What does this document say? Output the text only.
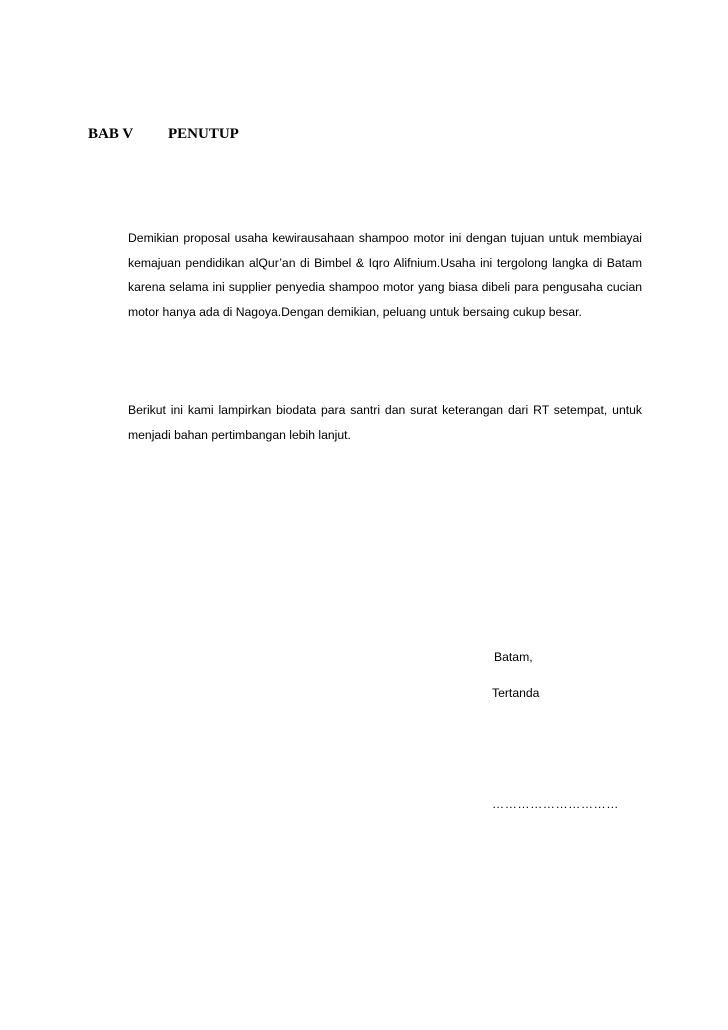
BAB V PENUTUP

Demikian proposal usaha kewirausahaan shampoo motor ini dengan tujuan untuk membiayai kemajuan pendidikan alQur’an di Bimbel & Iqro Alifnium.Usaha ini tergolong langka di Batam karena selama ini supplier penyedia shampoo motor yang biasa dibeli para pengusaha cucian motor hanya ada di Nagoya.Dengan demikian, peluang untuk bersaing cukup besar.

Berikut ini kami lampirkan biodata para santri dan surat keterangan dari RT setempat, untuk menjadi bahan pertimbangan lebih lanjut.

Batam,
Tertanda
…………………………
